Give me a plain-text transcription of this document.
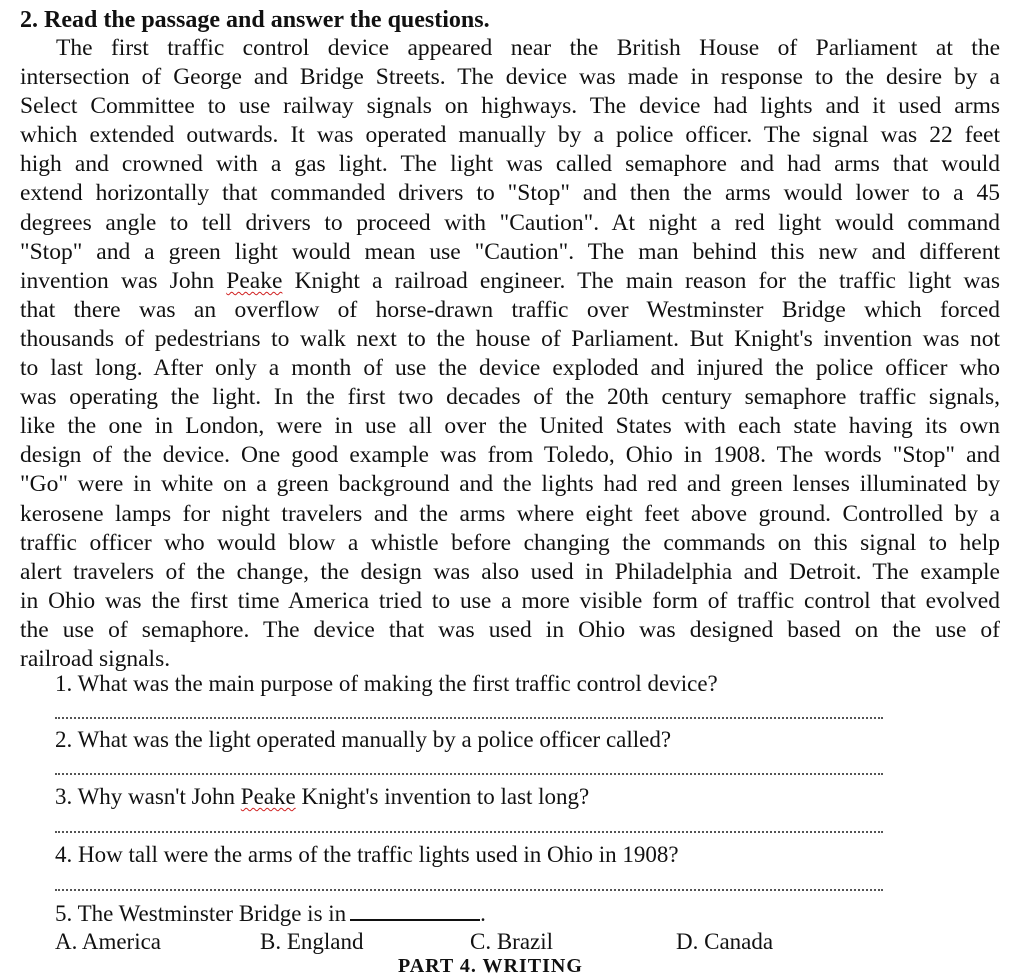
2. Read the passage and answer the questions.
The first traffic control device appeared near the British House of Parliament at the
intersection of George and Bridge Streets. The device was made in response to the desire by a
Select Committee to use railway signals on highways. The device had lights and it used arms
which extended outwards. It was operated manually by a police officer. The signal was 22 feet
high and crowned with a gas light. The light was called semaphore and had arms that would
extend horizontally that commanded drivers to "Stop" and then the arms would lower to a 45
degrees angle to tell drivers to proceed with "Caution". At night a red light would command
"Stop" and a green light would mean use "Caution". The man behind this new and different
invention was John Peake Knight a railroad engineer. The main reason for the traffic light was
that there was an overflow of horse-drawn traffic over Westminster Bridge which forced
thousands of pedestrians to walk next to the house of Parliament. But Knight's invention was not
to last long. After only a month of use the device exploded and injured the police officer who
was operating the light. In the first two decades of the 20th century semaphore traffic signals,
like the one in London, were in use all over the United States with each state having its own
design of the device. One good example was from Toledo, Ohio in 1908. The words "Stop" and
"Go" were in white on a green background and the lights had red and green lenses illuminated by
kerosene lamps for night travelers and the arms where eight feet above ground. Controlled by a
traffic officer who would blow a whistle before changing the commands on this signal to help
alert travelers of the change, the design was also used in Philadelphia and Detroit. The example
in Ohio was the first time America tried to use a more visible form of traffic control that evolved
the use of semaphore. The device that was used in Ohio was designed based on the use of
railroad signals.
1. What was the main purpose of making the first traffic control device?
2. What was the light operated manually by a police officer called?
3. Why wasn't John Peake Knight's invention to last long?
4. How tall were the arms of the traffic lights used in Ohio in 1908?
5. The Westminster Bridge is in	.
A. America	B. England	C. Brazil	D. Canada
PART 4. WRITING
